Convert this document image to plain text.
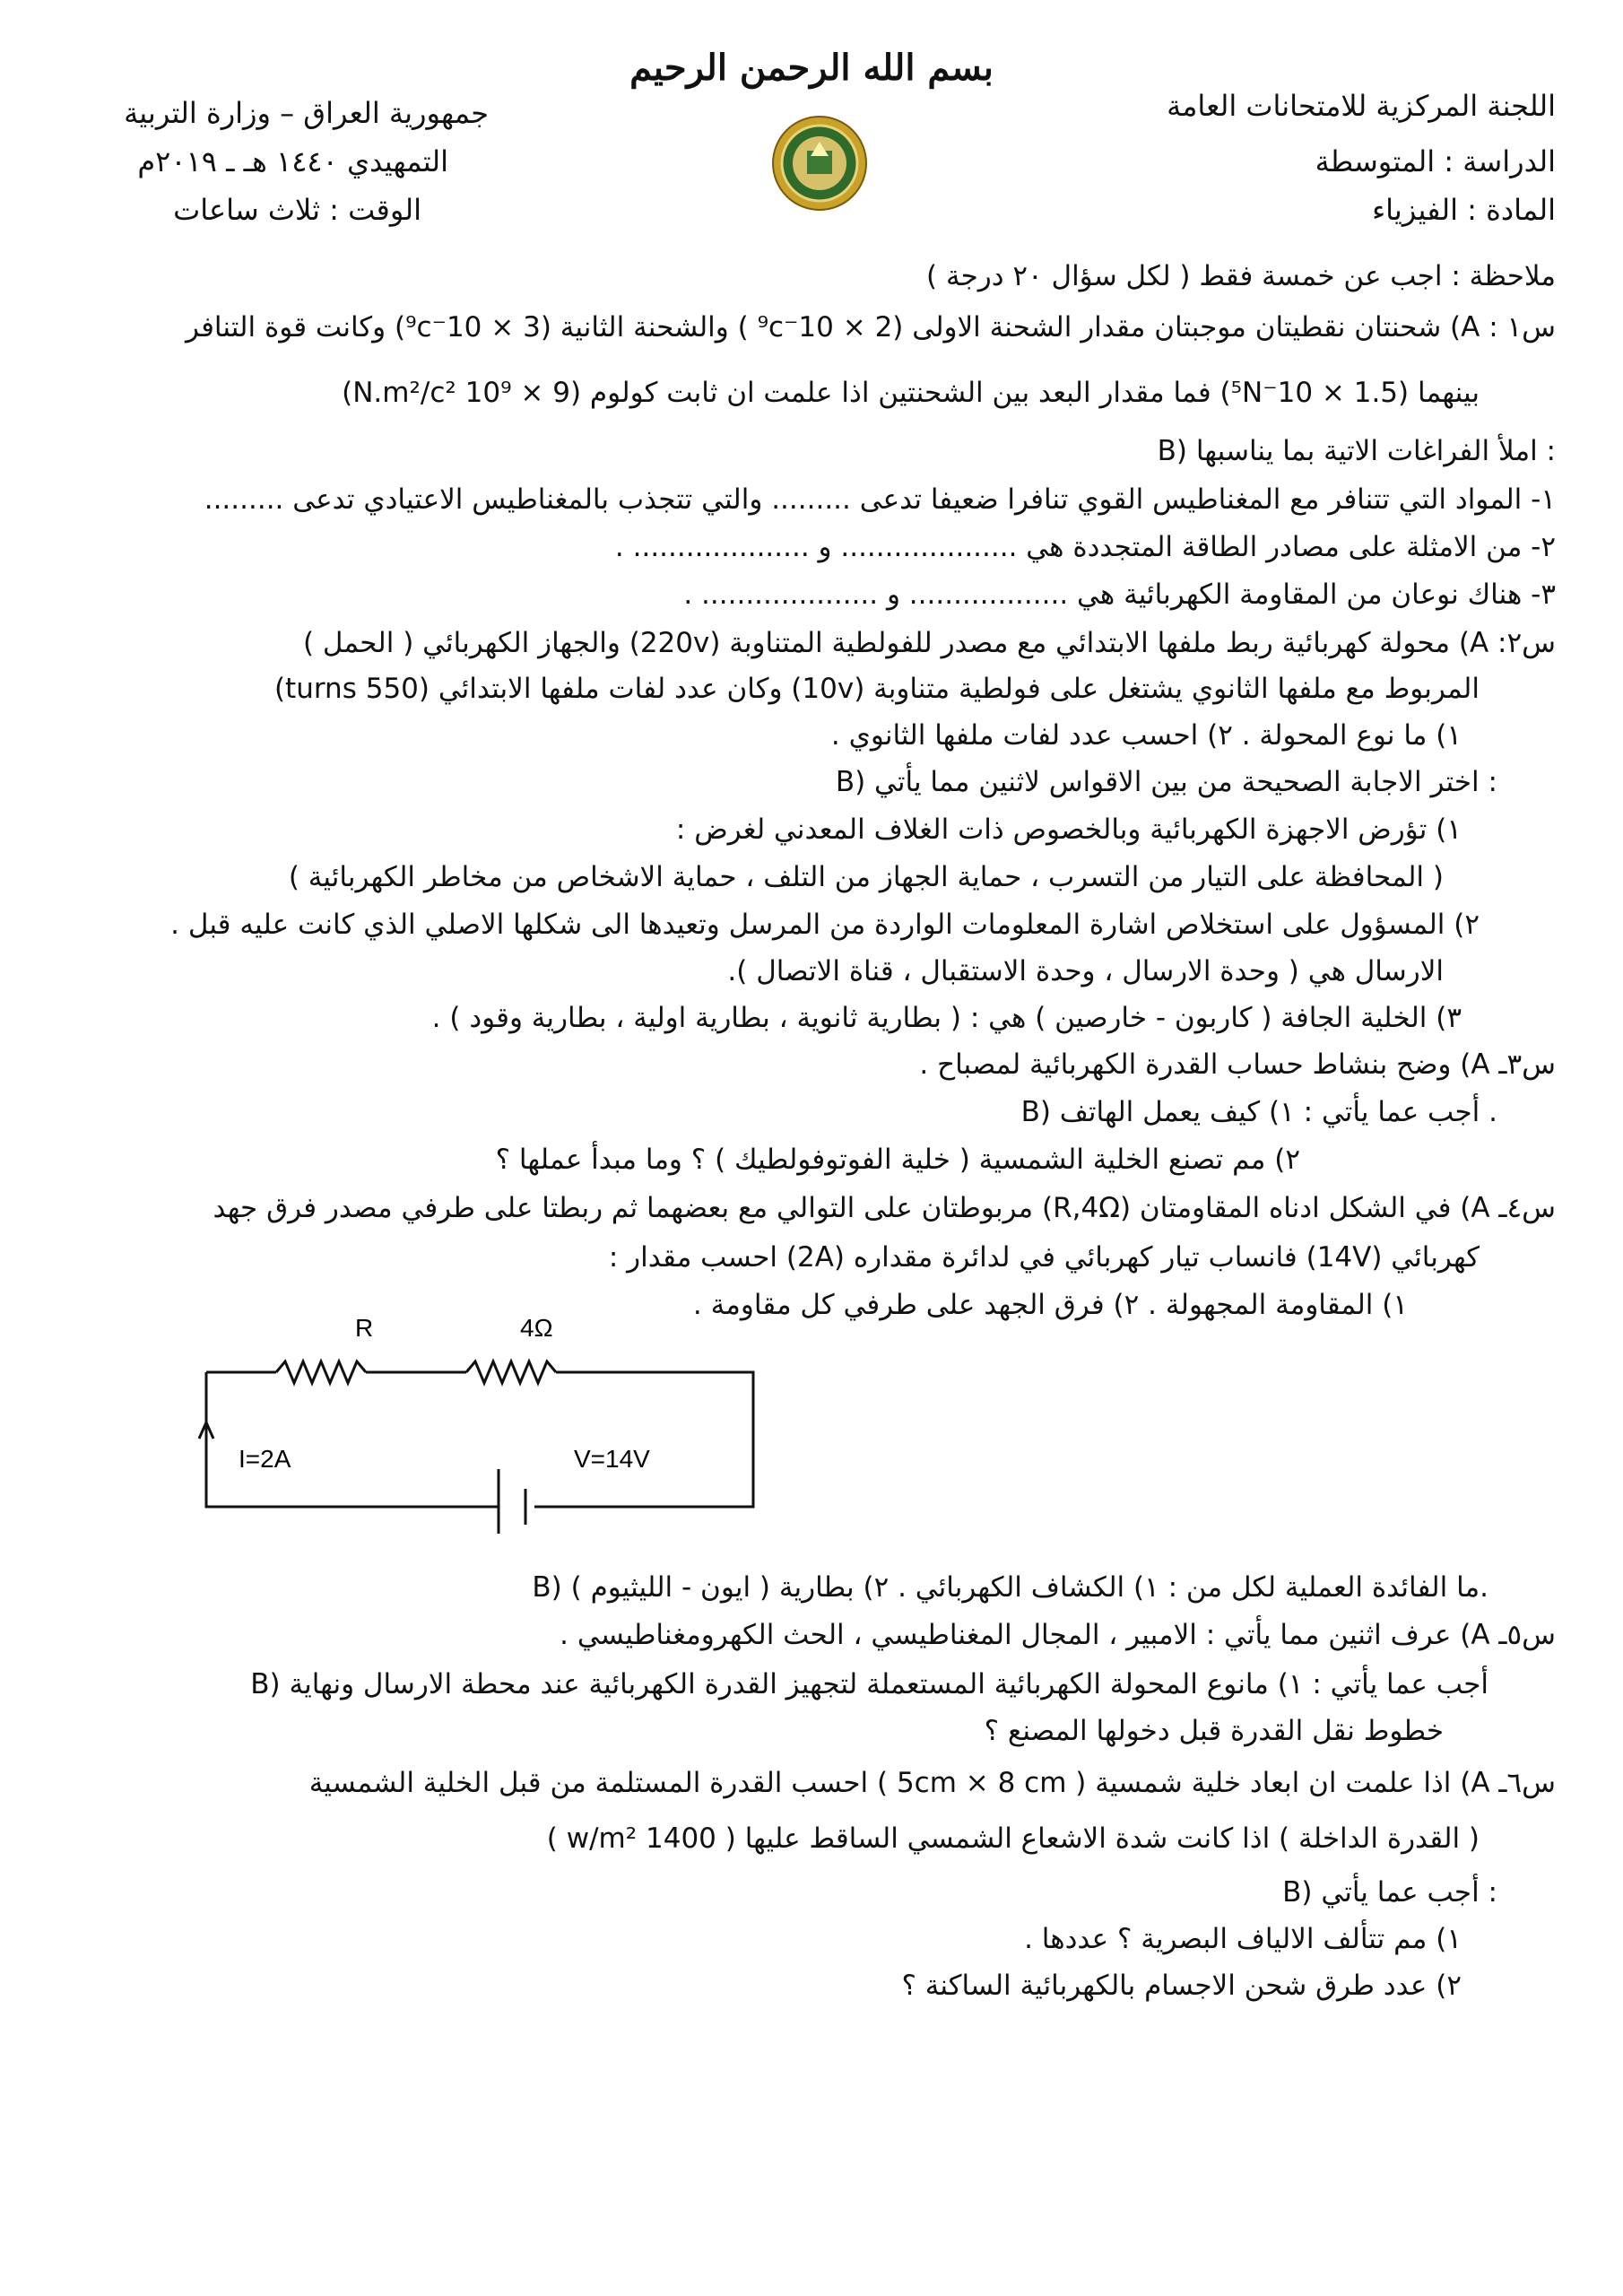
بسم الله الرحمن الرحيم
اللجنة المركزية للامتحانات العامة
الدراسة : المتوسطة
المادة : الفيزياء
جمهورية العراق – وزارة التربية
التمهيدي ١٤٤٠ هـ ـ ٢٠١٩م
الوقت : ثلاث ساعات
ملاحظة : اجب عن خمسة فقط ( لكل سؤال ٢٠ درجة )
س١ : A) شحنتان نقطيتان موجبتان مقدار الشحنة الاولى (2 × 10⁻⁹c ) والشحنة الثانية (3 × 10⁻⁹c) وكانت قوة التنافر
بينهما (1.5 × 10⁻⁵N) فما مقدار البعد بين الشحنتين اذا علمت ان ثابت كولوم (9 × 10⁹ N.m²/c²)
B) املأ الفراغات الاتية بما يناسبها :
١- المواد التي تتنافر مع المغناطيس القوي تنافرا ضعيفا تدعى ......... والتي تتجذب بالمغناطيس الاعتيادي تدعى .........
٢- من الامثلة على مصادر الطاقة المتجددة هي .................... و .................... .
٣- هناك نوعان من المقاومة الكهربائية هي .................. و .................... .
س٢: A) محولة كهربائية ربط ملفها الابتدائي مع مصدر للفولطية المتناوبة (220v) والجهاز الكهربائي ( الحمل )
المربوط مع ملفها الثانوي يشتغل على فولطية متناوبة (10v) وكان عدد لفات ملفها الابتدائي (550 turns)
١) ما نوع المحولة . ٢) احسب عدد لفات ملفها الثانوي .
B) اختر الاجابة الصحيحة من بين الاقواس لاثنين مما يأتي :
١) تؤرض الاجهزة الكهربائية وبالخصوص ذات الغلاف المعدني لغرض :
( المحافظة على التيار من التسرب ، حماية الجهاز من التلف ، حماية الاشخاص من مخاطر الكهربائية )
٢) المسؤول على استخلاص اشارة المعلومات الواردة من المرسل وتعيدها الى شكلها الاصلي الذي كانت عليه قبل .
الارسال هي ( وحدة الارسال ، وحدة الاستقبال ، قناة الاتصال ).
٣) الخلية الجافة ( كاربون - خارصين ) هي : ( بطارية ثانوية ، بطارية اولية ، بطارية وقود ) .
س٣ـ A) وضح بنشاط حساب القدرة الكهربائية لمصباح .
B) أجب عما يأتي : ١) كيف يعمل الهاتف .
٢) مم تصنع الخلية الشمسية ( خلية الفوتوفولطيك ) ؟ وما مبدأ عملها ؟
س٤ـ A) في الشكل ادناه المقاومتان (R,4Ω) مربوطتان على التوالي مع بعضهما ثم ربطتا على طرفي مصدر فرق جهد
كهربائي (14V) فانساب تيار كهربائي في لدائرة مقداره (2A) احسب مقدار :
١) المقاومة المجهولة . ٢) فرق الجهد على طرفي كل مقاومة .
R	4Ω
I=2A	V=14V
B) ما الفائدة العملية لكل من : ١) الكشاف الكهربائي . ٢) بطارية ( ايون - الليثيوم ).
س٥ـ A) عرف اثنين مما يأتي : الامبير ، المجال المغناطيسي ، الحث الكهرومغناطيسي .
B) أجب عما يأتي : ١) مانوع المحولة الكهربائية المستعملة لتجهيز القدرة الكهربائية عند محطة الارسال ونهاية
خطوط نقل القدرة قبل دخولها المصنع ؟
س٦ـ A) اذا علمت ان ابعاد خلية شمسية ( 5cm × 8 cm ) احسب القدرة المستلمة من قبل الخلية الشمسية
( القدرة الداخلة ) اذا كانت شدة الاشعاع الشمسي الساقط عليها ( 1400 w/m² )
B) أجب عما يأتي :
١) مم تتألف الالياف البصرية ؟ عددها .
٢) عدد طرق شحن الاجسام بالكهربائية الساكنة ؟
